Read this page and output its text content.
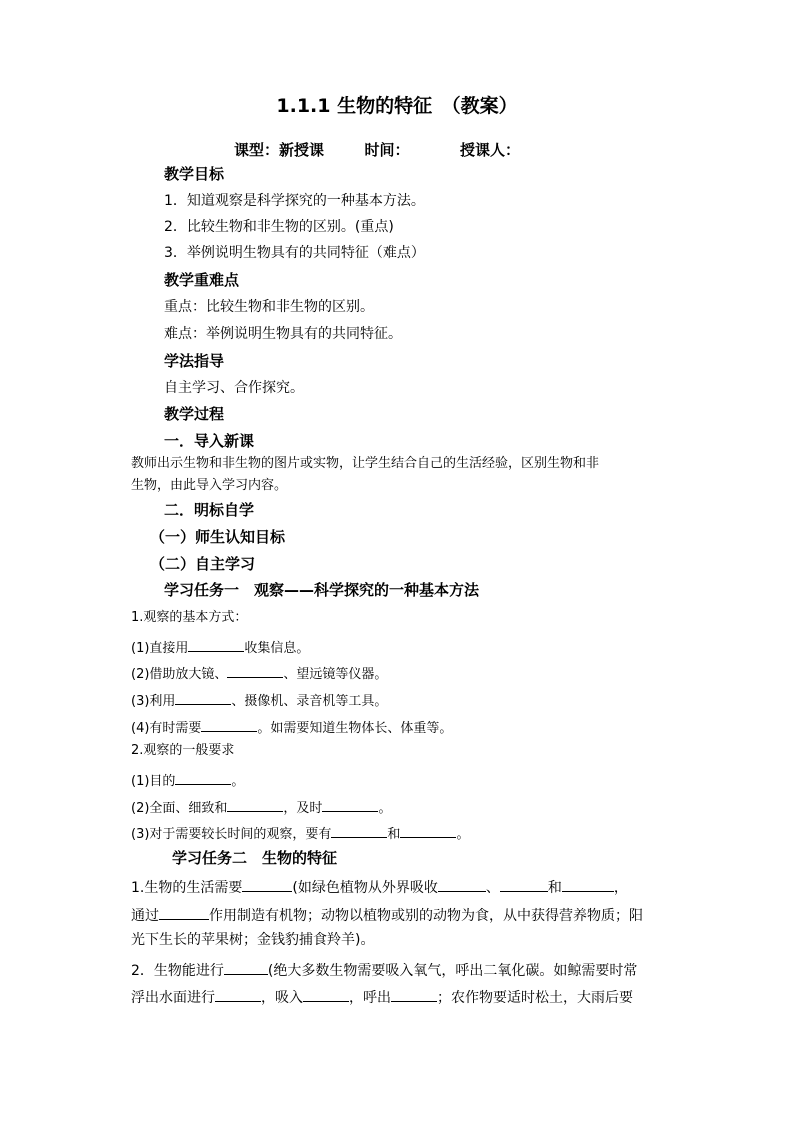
1.1.1 生物的特征　（教案）
课型：新授课	时间：	授课人：
教学目标
1．知道观察是科学探究的一种基本方法。
2．比较生物和非生物的区别。(重点)
3．举例说明生物具有的共同特征（难点）
教学重难点
重点：比较生物和非生物的区别。
难点：举例说明生物具有的共同特征。
学法指导
自主学习、合作探究。
教学过程
一．导入新课
教师出示生物和非生物的图片或实物，让学生结合自己的生活经验，区别生物和非
生物，由此导入学习内容。
二．明标自学
（一）师生认知目标
（二）自主学习
学习任务一　观察——科学探究的一种基本方法
1.观察的基本方式：
(1)直接用	收集信息。
(2)借助放大镜、	、望远镜等仪器。
(3)利用	、摄像机、录音机等工具。
(4)有时需要	。如需要知道生物体长、体重等。
2.观察的一般要求
(1)目的	。
(2)全面、细致和	，及时	。
(3)对于需要较长时间的观察，要有	和	。
学习任务二　生物的特征
1.生物的生活需要	(如绿色植物从外界吸收	、	和	，
通过	作用制造有机物；动物以植物或别的动物为食，从中获得营养物质；阳
光下生长的苹果树；金钱豹捕食羚羊)。
2．生物能进行	(绝大多数生物需要吸入氧气，呼出二氧化碳。如鲸需要时常
浮出水面进行	，吸入	，呼出	；农作物要适时松土，大雨后要
